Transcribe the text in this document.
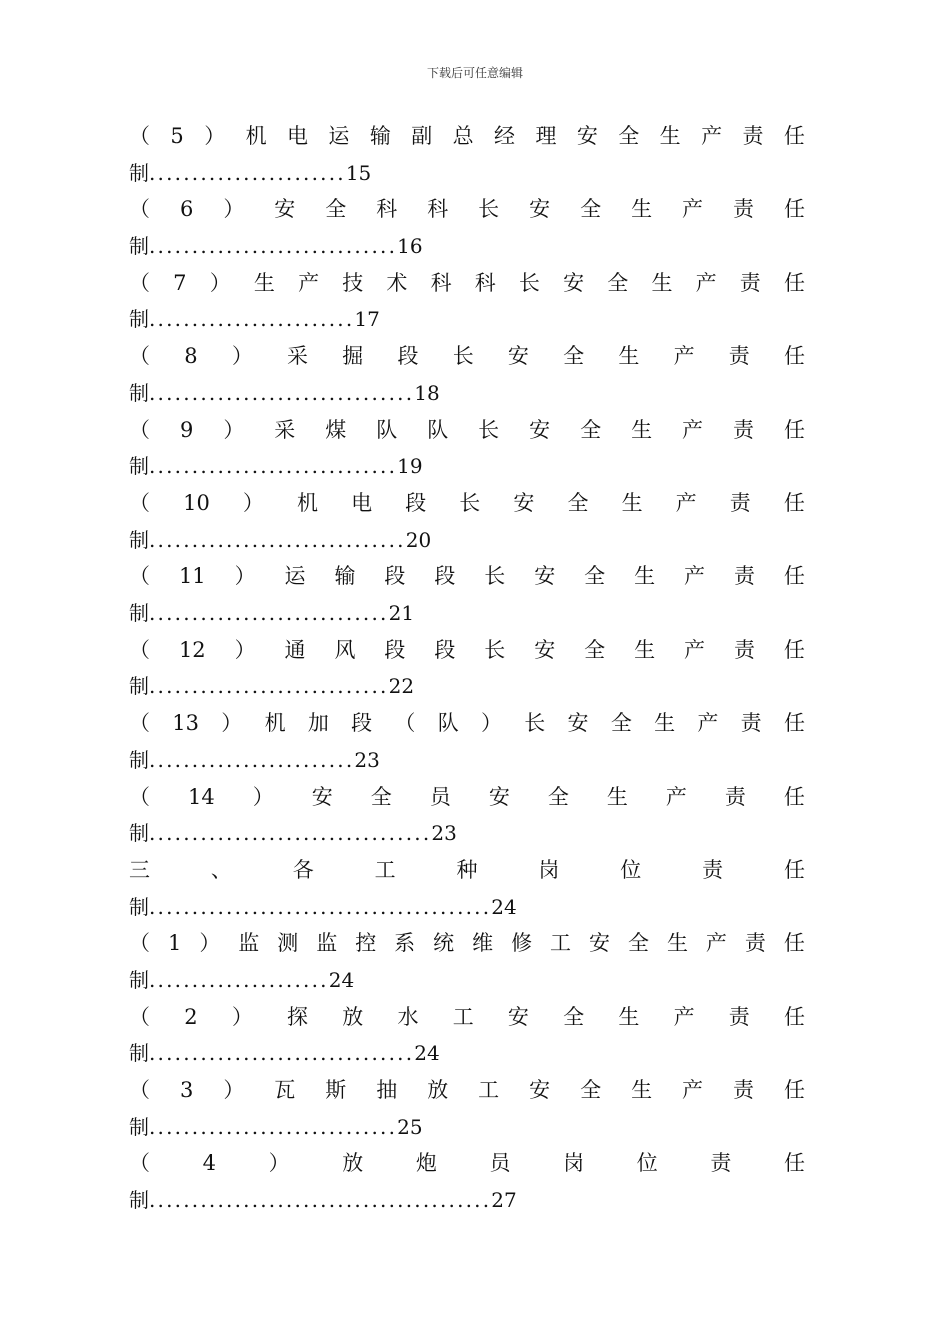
下载后可任意编辑
（ 5 ） 机 电 运 输 副 总 经 理 安 全 生 产 责 任
制.......................15
（ 6 ） 安 全 科 科 长 安 全 生 产 责 任
制.............................16
（ 7 ） 生 产 技 术 科 科 长 安 全 生 产 责 任
制........................17
（ 8 ） 采 掘 段 长 安 全 生 产 责 任
制...............................18
（ 9 ） 采 煤 队 队 长 安 全 生 产 责 任
制.............................19
（ 10 ） 机 电 段 长 安 全 生 产 责 任
制..............................20
（ 11 ） 运 输 段 段 长 安 全 生 产 责 任
制............................21
（ 12 ） 通 风 段 段 长 安 全 生 产 责 任
制............................22
（ 13 ） 机 加 段 （ 队 ） 长 安 全 生 产 责 任
制........................23
（ 14 ） 安 全 员 安 全 生 产 责 任
制.................................23
三	、	各	工	种	岗	位	责	任
制........................................24
（ 1 ） 监 测 监 控 系 统 维 修 工 安 全 生 产 责 任
制.....................24
（ 2 ） 探 放 水 工 安 全 生 产 责 任
制...............................24
（ 3 ） 瓦 斯 抽 放 工 安 全 生 产 责 任
制.............................25
（	4	）	放	炮	员	岗	位	责	任
制........................................27
